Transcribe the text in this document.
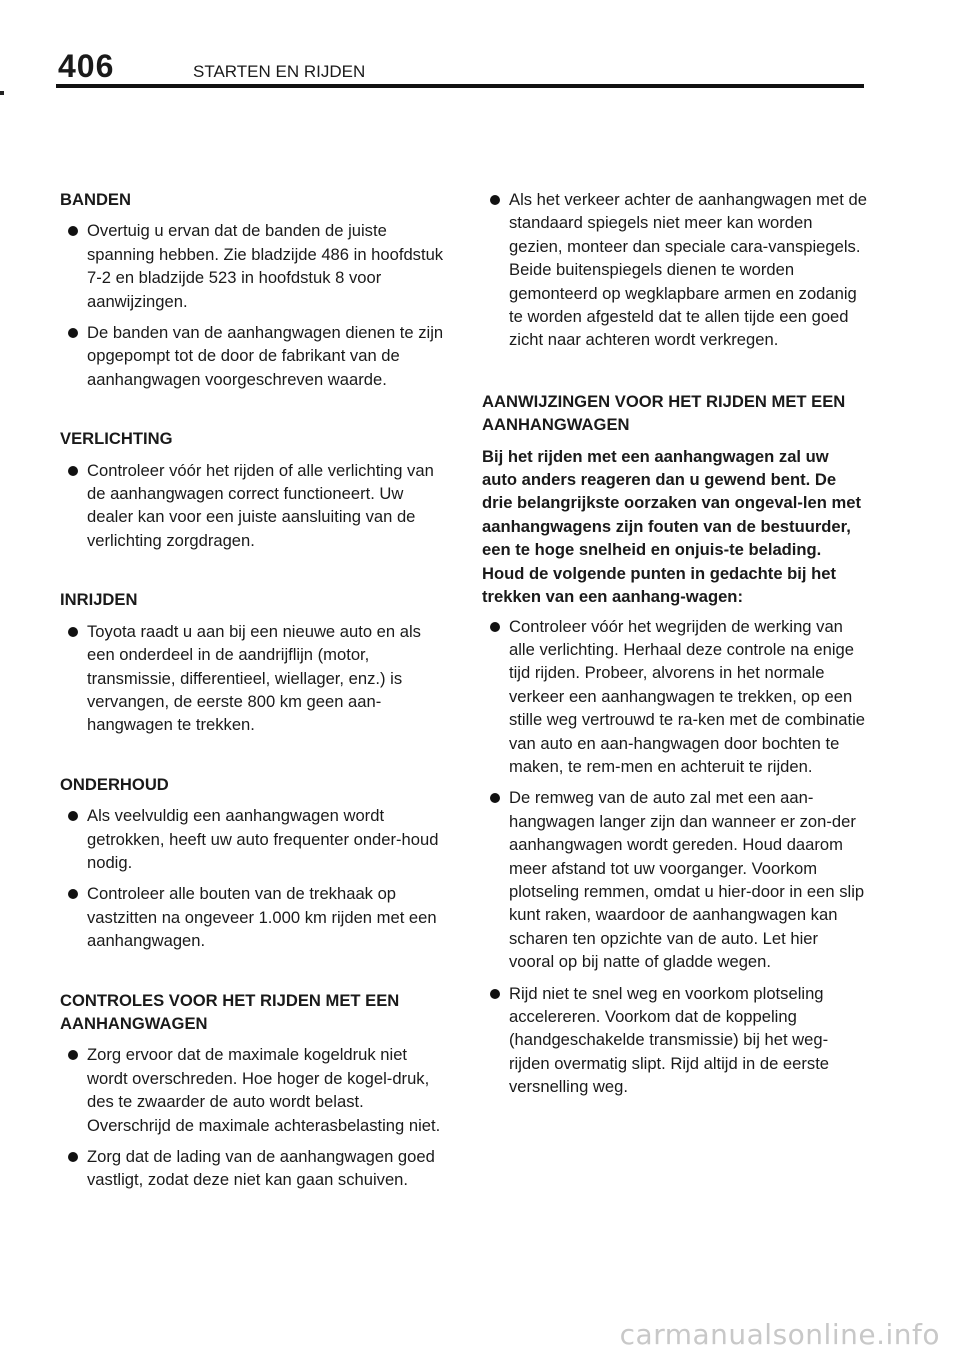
406	STARTEN EN RIJDEN
BANDEN
Overtuig u ervan dat de banden de juiste spanning hebben. Zie bladzijde 486 in hoofdstuk 7-2 en bladzijde 523 in hoofdstuk 8 voor aanwijzingen.
De banden van de aanhangwagen dienen te zijn opgepompt tot de door de fabrikant van de aanhangwagen voorgeschreven waarde.
VERLICHTING
Controleer vóór het rijden of alle verlichting van de aanhangwagen correct functioneert. Uw dealer kan voor een juiste aansluiting van de verlichting zorgdragen.
INRIJDEN
Toyota raadt u aan bij een nieuwe auto en als een onderdeel in de aandrijflijn (motor, transmissie, differentieel, wiellager, enz.) is vervangen, de eerste 800 km geen aan-hangwagen te trekken.
ONDERHOUD
Als veelvuldig een aanhangwagen wordt getrokken, heeft uw auto frequenter onder-houd nodig.
Controleer alle bouten van de trekhaak op vastzitten na ongeveer 1.000 km rijden met een aanhangwagen.
CONTROLES VOOR HET RIJDEN MET EEN AANHANGWAGEN
Zorg ervoor dat de maximale kogeldruk niet wordt overschreden. Hoe hoger de kogel-druk, des te zwaarder de auto wordt belast. Overschrijd de maximale achterasbelasting niet.
Zorg dat de lading van de aanhangwagen goed vastligt, zodat deze niet kan gaan schuiven.
Als het verkeer achter de aanhangwagen met de standaard spiegels niet meer kan worden gezien, monteer dan speciale cara-vanspiegels. Beide buitenspiegels dienen te worden gemonteerd op wegklapbare armen en zodanig te worden afgesteld dat te allen tijde een goed zicht naar achteren wordt verkregen.
AANWIJZINGEN VOOR HET RIJDEN MET EEN AANHANGWAGEN
Bij het rijden met een aanhangwagen zal uw auto anders reageren dan u gewend bent. De drie belangrijkste oorzaken van ongeval-len met aanhangwagens zijn fouten van de bestuurder, een te hoge snelheid en onjuis-te belading. Houd de volgende punten in gedachte bij het trekken van een aanhang-wagen:
Controleer vóór het wegrijden de werking van alle verlichting. Herhaal deze controle na enige tijd rijden. Probeer, alvorens in het normale verkeer een aanhangwagen te trekken, op een stille weg vertrouwd te ra-ken met de combinatie van auto en aan-hangwagen door bochten te maken, te rem-men en achteruit te rijden.
De remweg van de auto zal met een aan-hangwagen langer zijn dan wanneer er zon-der aanhangwagen wordt gereden. Houd daarom meer afstand tot uw voorganger. Voorkom plotseling remmen, omdat u hier-door in een slip kunt raken, waardoor de aanhangwagen kan scharen ten opzichte van de auto. Let hier vooral op bij natte of gladde wegen.
Rijd niet te snel weg en voorkom plotseling accelereren. Voorkom dat de koppeling (handgeschakelde transmissie) bij het weg-rijden overmatig slipt. Rijd altijd in de eerste versnelling weg.
carmanualsonline.info
